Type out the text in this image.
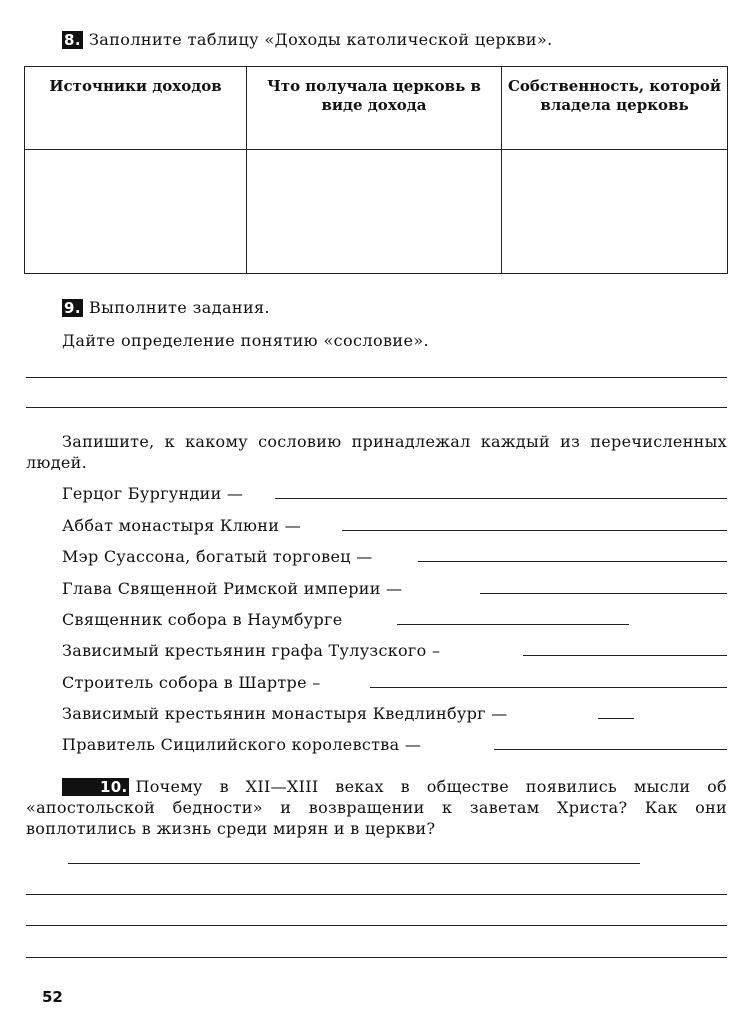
8. Заполните таблицу «Доходы католической церкви».
Источники доходов	Что получала церковь в виде дохода	Собственность, которой владела церковь

9. Выполните задания.
Дайте определение понятию «сословие».
Запишите, к какому сословию принадлежал каждый из перечисленных людей.
Герцог Бургундии —
Аббат монастыря Клюни —
Мэр Суассона, богатый торговец —
Глава Священной Римской империи —
Священник собора в Наумбурге
Зависимый крестьянин графа Тулузского –
Строитель собора в Шартре –
Зависимый крестьянин монастыря Кведлинбург —
Правитель Сицилийского королевства —
10. Почему в XII—XIII веках в обществе появились мысли об «апостольской бедности» и возвращении к заветам Христа? Как они воплотились в жизнь среди мирян и в церкви?
52
